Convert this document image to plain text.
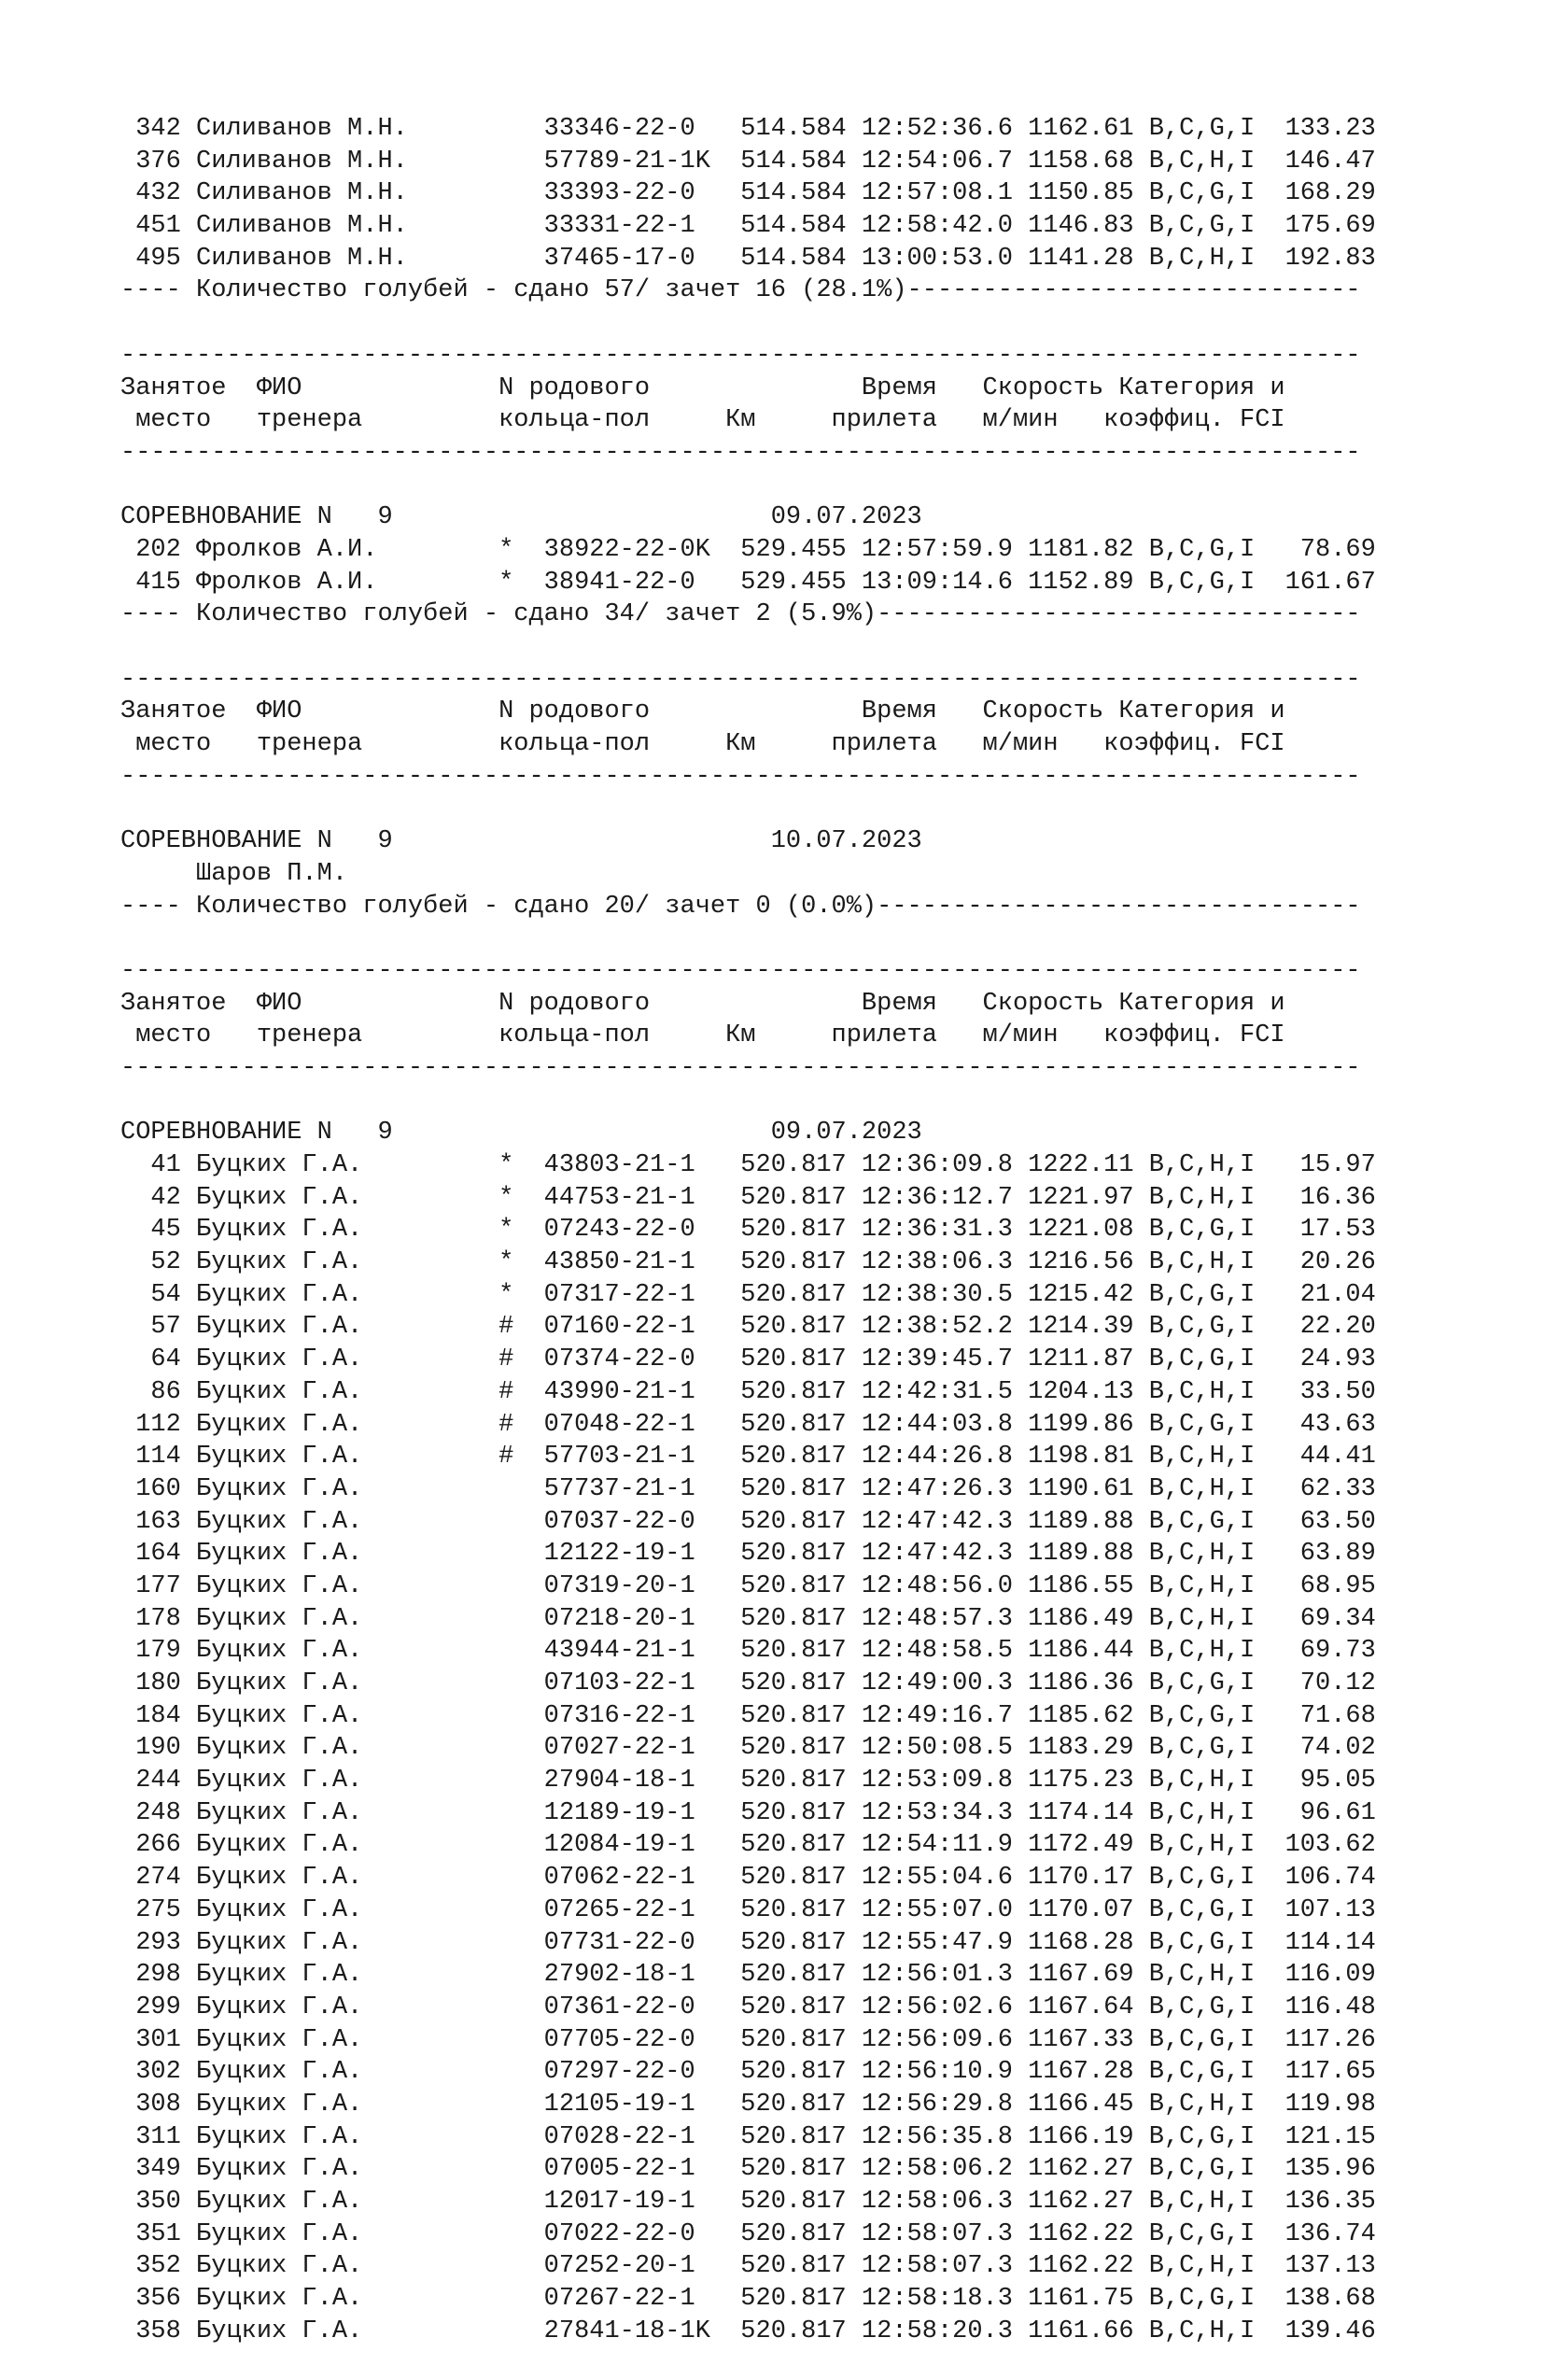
342 Силиванов М.Н.         33346-22-0   514.584 12:52:36.6 1162.61 B,C,G,I  133.23
376 Силиванов М.Н.         57789-21-1K  514.584 12:54:06.7 1158.68 B,C,H,I  146.47
432 Силиванов М.Н.         33393-22-0   514.584 12:57:08.1 1150.85 B,C,G,I  168.29
451 Силиванов М.Н.         33331-22-1   514.584 12:58:42.0 1146.83 B,C,G,I  175.69
495 Силиванов М.Н.         37465-17-0   514.584 13:00:53.0 1141.28 B,C,H,I  192.83
---- Количество голубей - сдано 57/ зачет 16 (28.1%)------------------------------

----------------------------------------------------------------------------------
Занятое  ФИО             N родового              Время   Скорость Категория и
место   тренера         кольца-пол     Км     прилета   м/мин   коэффиц. FCI
----------------------------------------------------------------------------------

СОРЕВНОВАНИЕ N   9                         09.07.2023
202 Фролков А.И.        *  38922-22-0K  529.455 12:57:59.9 1181.82 B,C,G,I   78.69
415 Фролков А.И.        *  38941-22-0   529.455 13:09:14.6 1152.89 B,C,G,I  161.67
---- Количество голубей - сдано 34/ зачет 2 (5.9%)--------------------------------

----------------------------------------------------------------------------------
Занятое  ФИО             N родового              Время   Скорость Категория и
место   тренера         кольца-пол     Км     прилета   м/мин   коэффиц. FCI
----------------------------------------------------------------------------------

СОРЕВНОВАНИЕ N   9                         10.07.2023
Шаров П.М.
---- Количество голубей - сдано 20/ зачет 0 (0.0%)--------------------------------

----------------------------------------------------------------------------------
Занятое  ФИО             N родового              Время   Скорость Категория и
место   тренера         кольца-пол     Км     прилета   м/мин   коэффиц. FCI
----------------------------------------------------------------------------------

СОРЕВНОВАНИЕ N   9                         09.07.2023
41 Буцких Г.А.         *  43803-21-1   520.817 12:36:09.8 1222.11 B,C,H,I   15.97
42 Буцких Г.А.         *  44753-21-1   520.817 12:36:12.7 1221.97 B,C,H,I   16.36
45 Буцких Г.А.         *  07243-22-0   520.817 12:36:31.3 1221.08 B,C,G,I   17.53
52 Буцких Г.А.         *  43850-21-1   520.817 12:38:06.3 1216.56 B,C,H,I   20.26
54 Буцких Г.А.         *  07317-22-1   520.817 12:38:30.5 1215.42 B,C,G,I   21.04
57 Буцких Г.А.         #  07160-22-1   520.817 12:38:52.2 1214.39 B,C,G,I   22.20
64 Буцких Г.А.         #  07374-22-0   520.817 12:39:45.7 1211.87 B,C,G,I   24.93
86 Буцких Г.А.         #  43990-21-1   520.817 12:42:31.5 1204.13 B,C,H,I   33.50
112 Буцких Г.А.         #  07048-22-1   520.817 12:44:03.8 1199.86 B,C,G,I   43.63
114 Буцких Г.А.         #  57703-21-1   520.817 12:44:26.8 1198.81 B,C,H,I   44.41
160 Буцких Г.А.            57737-21-1   520.817 12:47:26.3 1190.61 B,C,H,I   62.33
163 Буцких Г.А.            07037-22-0   520.817 12:47:42.3 1189.88 B,C,G,I   63.50
164 Буцких Г.А.            12122-19-1   520.817 12:47:42.3 1189.88 B,C,H,I   63.89
177 Буцких Г.А.            07319-20-1   520.817 12:48:56.0 1186.55 B,C,H,I   68.95
178 Буцких Г.А.            07218-20-1   520.817 12:48:57.3 1186.49 B,C,H,I   69.34
179 Буцких Г.А.            43944-21-1   520.817 12:48:58.5 1186.44 B,C,H,I   69.73
180 Буцких Г.А.            07103-22-1   520.817 12:49:00.3 1186.36 B,C,G,I   70.12
184 Буцких Г.А.            07316-22-1   520.817 12:49:16.7 1185.62 B,C,G,I   71.68
190 Буцких Г.А.            07027-22-1   520.817 12:50:08.5 1183.29 B,C,G,I   74.02
244 Буцких Г.А.            27904-18-1   520.817 12:53:09.8 1175.23 B,C,H,I   95.05
248 Буцких Г.А.            12189-19-1   520.817 12:53:34.3 1174.14 B,C,H,I   96.61
266 Буцких Г.А.            12084-19-1   520.817 12:54:11.9 1172.49 B,C,H,I  103.62
274 Буцких Г.А.            07062-22-1   520.817 12:55:04.6 1170.17 B,C,G,I  106.74
275 Буцких Г.А.            07265-22-1   520.817 12:55:07.0 1170.07 B,C,G,I  107.13
293 Буцких Г.А.            07731-22-0   520.817 12:55:47.9 1168.28 B,C,G,I  114.14
298 Буцких Г.А.            27902-18-1   520.817 12:56:01.3 1167.69 B,C,H,I  116.09
299 Буцких Г.А.            07361-22-0   520.817 12:56:02.6 1167.64 B,C,G,I  116.48
301 Буцких Г.А.            07705-22-0   520.817 12:56:09.6 1167.33 B,C,G,I  117.26
302 Буцких Г.А.            07297-22-0   520.817 12:56:10.9 1167.28 B,C,G,I  117.65
308 Буцких Г.А.            12105-19-1   520.817 12:56:29.8 1166.45 B,C,H,I  119.98
311 Буцких Г.А.            07028-22-1   520.817 12:56:35.8 1166.19 B,C,G,I  121.15
349 Буцких Г.А.            07005-22-1   520.817 12:58:06.2 1162.27 B,C,G,I  135.96
350 Буцких Г.А.            12017-19-1   520.817 12:58:06.3 1162.27 B,C,H,I  136.35
351 Буцких Г.А.            07022-22-0   520.817 12:58:07.3 1162.22 B,C,G,I  136.74
352 Буцких Г.А.            07252-20-1   520.817 12:58:07.3 1162.22 B,C,H,I  137.13
356 Буцких Г.А.            07267-22-1   520.817 12:58:18.3 1161.75 B,C,G,I  138.68
358 Буцких Г.А.            27841-18-1K  520.817 12:58:20.3 1161.66 B,C,H,I  139.46
